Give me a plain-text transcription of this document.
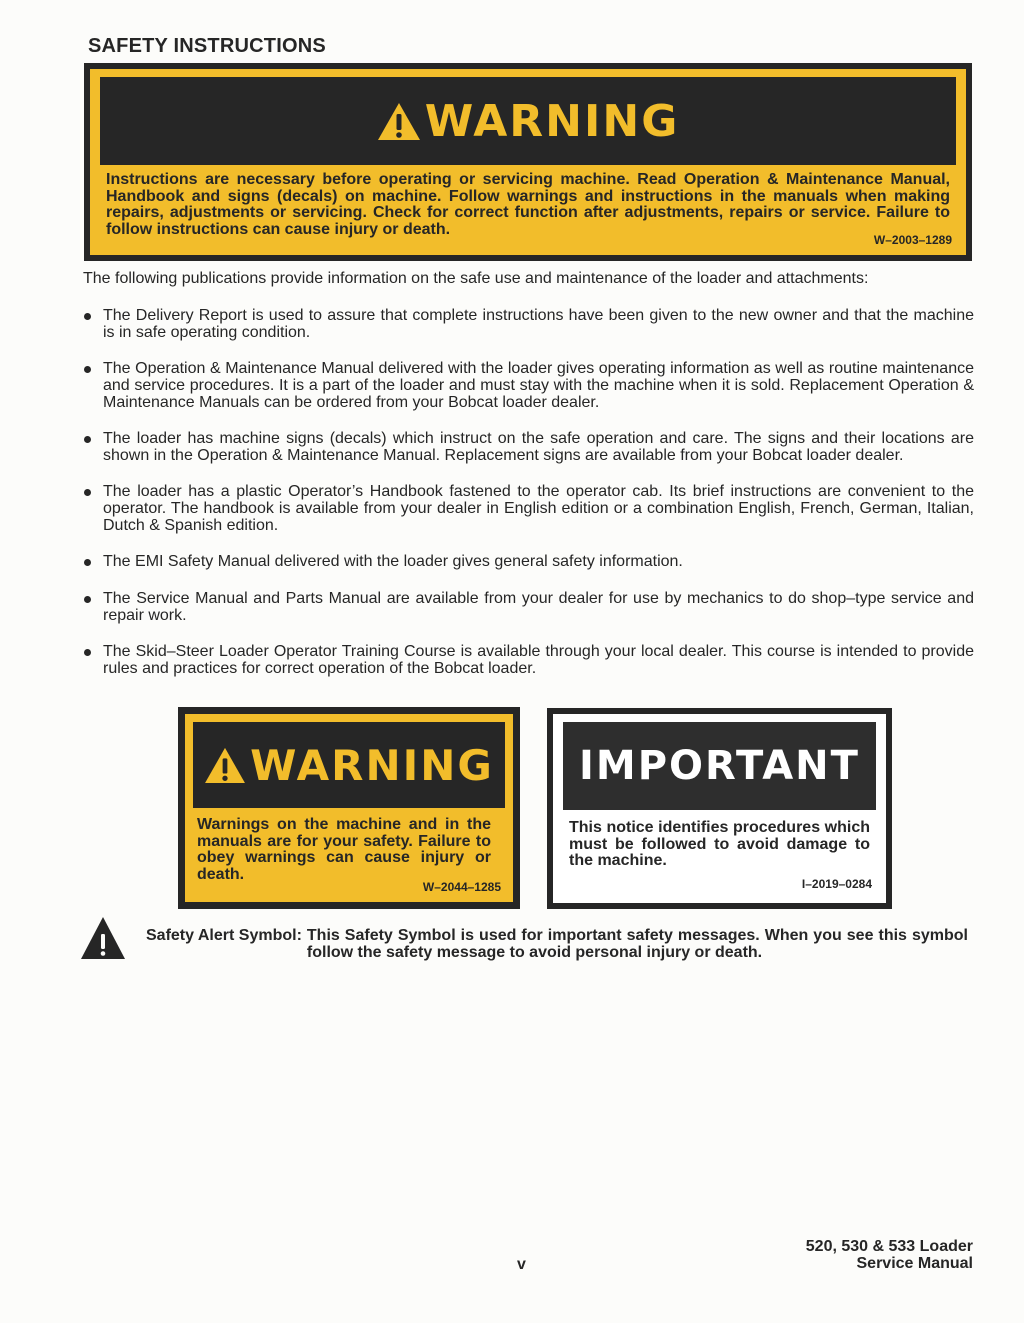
SAFETY INSTRUCTIONS
WARNING
Instructions are necessary before operating or servicing machine. Read Operation & Maintenance Manual, Handbook and signs (decals) on machine. Follow warnings and instructions in the manuals when making repairs, adjustments or servicing. Check for correct function after adjustments, repairs or service. Failure to follow instructions can cause injury or death.
W–2003–1289
The following publications provide information on the safe use and maintenance of the loader and attachments:
The Delivery Report is used to assure that complete instructions have been given to the new owner and that the machine is in safe operating condition.
The Operation & Maintenance Manual delivered with the loader gives operating information as well as routine maintenance and service procedures. It is a part of the loader and must stay with the machine when it is sold. Replacement Operation & Maintenance Manuals can be ordered from your Bobcat loader dealer.
The loader has machine signs (decals) which instruct on the safe operation and care. The signs and their locations are shown in the Operation & Maintenance Manual. Replacement signs are available from your Bobcat loader dealer.
The loader has a plastic Operator’s Handbook fastened to the operator cab. Its brief instructions are convenient to the operator. The handbook is available from your dealer in English edition or a combination English, French, German, Italian, Dutch & Spanish edition.
The EMI Safety Manual delivered with the loader gives general safety information.
The Service Manual and Parts Manual are available from your dealer for use by mechanics to do shop–type service and repair work.
The Skid–Steer Loader Operator Training Course is available through your local dealer. This course is intended to provide rules and practices for correct operation of the Bobcat loader.
WARNING
Warnings on the machine and in the manuals are for your safety. Failure to obey warnings can cause injury or death.
W–2044–1285
IMPORTANT
This notice identifies procedures which must be followed to avoid damage to the machine.
I–2019–0284
Safety Alert Symbol: This Safety Symbol is used for important safety messages. When you see this symbol follow the safety message to avoid personal injury or death.
v
520, 530 & 533 Loader
Service Manual
